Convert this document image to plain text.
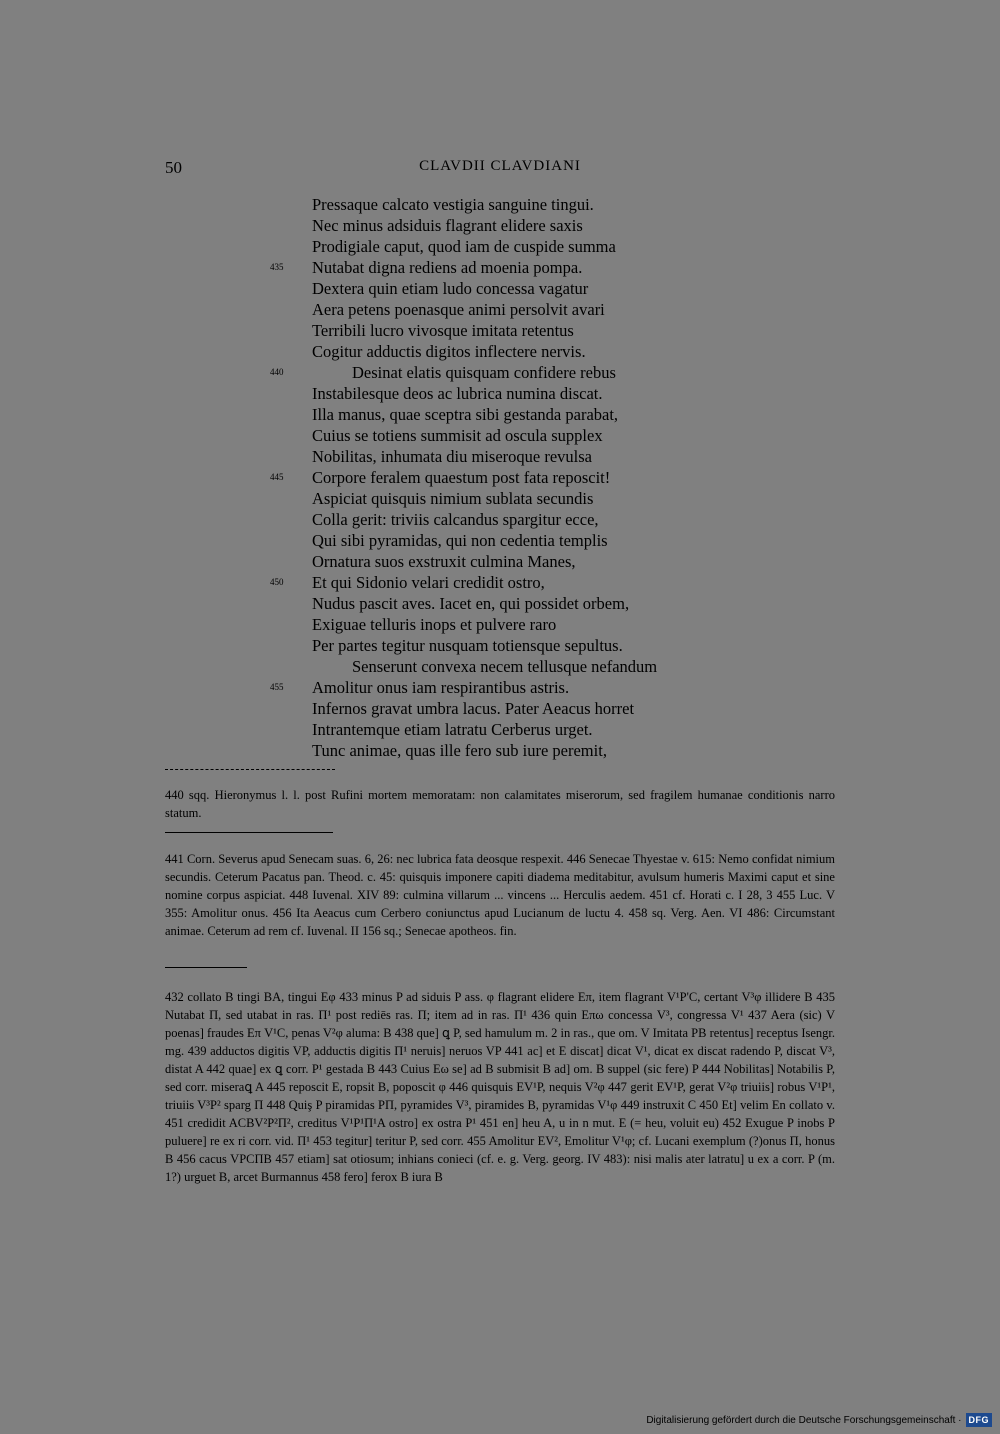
50	CLAVDII CLAVDIANI
Pressaque calcato vestigia sanguine tingui.
Nec minus adsiduis flagrant elidere saxis
Prodigiale caput, quod iam de cuspide summa
435	Nutabat digna rediens ad moenia pompa.
Dextera quin etiam ludo concessa vagatur
Aera petens poenasque animi persolvit avari
Terribili lucro vivosque imitata retentus
Cogitur adductis digitos inflectere nervis.
440	Desinat elatis quisquam confidere rebus
Instabilesque deos ac lubrica numina discat.
Illa manus, quae sceptra sibi gestanda parabat,
Cuius se totiens summisit ad oscula supplex
Nobilitas, inhumata diu miseroque revulsa
445	Corpore feralem quaestum post fata reposcit!
Aspiciat quisquis nimium sublata secundis
Colla gerit: triviis calcandus spargitur ecce,
Qui sibi pyramidas, qui non cedentia templis
Ornatura suos exstruxit culmina Manes,
450	Et qui Sidonio velari credidit ostro,
Nudus pascit aves. Iacet en, qui possidet orbem,
Exiguae telluris inops et pulvere raro
Per partes tegitur nusquam totiensque sepultus.
Senserunt convexa necem tellusque nefandum
455	Amolitur onus iam respirantibus astris.
Infernos gravat umbra lacus. Pater Aeacus horret
Intrantemque etiam latratu Cerberus urget.
Tunc animae, quas ille fero sub iure peremit,

440 sqq. Hieronymus l. l. post Rufini mortem memoratam: non calamitates miserorum, sed fragilem humanae conditionis narro statum.

441 Corn. Severus apud Senecam suas. 6, 26: nec lubrica fata deosque respexit. 446 Senecae Thyestae v. 615: Nemo confidat nimium secundis. Ceterum Pacatus pan. Theod. c. 45: quisquis imponere capiti diadema meditabitur, avulsum humeris Maximi caput et sine nomine corpus aspiciat. 448 Iuvenal. XIV 89: culmina villarum ... vincens ... Herculis aedem. 451 cf. Horati c. I 28, 3 455 Luc. V 355: Amolitur onus. 456 Ita Aeacus cum Cerbero coniunctus apud Lucianum de luctu 4. 458 sq. Verg. Aen. VI 486: Circumstant animae. Ceterum ad rem cf. Iuvenal. II 156 sq.; Senecae apotheos. fin.

432 collato B tingi BA, tingui Eφ 433 minus P ad siduis P ass. φ flagrant elidere Eπ, item flagrant V¹P'C, certant V³φ illidere B 435 Nutabat Π, sed utabat in ras. Π¹ post rediēs ras. Π; item ad in ras. Π¹ 436 quin Eπω concessa V³, congressa V¹ 437 Aera (sic) V poenas] fraudes Eπ V¹C, penas V²φ aluma: B 438 que] ꝗ P, sed hamulum m. 2 in ras., que om. V Imitata PB retentus] receptus Isengr. mg. 439 adductos digitis VP, adductis digitis Π¹ neruis] neruos VP 441 ac] et E discat] dicat V¹, dicat ex discat radendo P, discat V³, distat A 442 quae] ex ꝗ corr. P¹ gestada B 443 Cuius Eω se] ad B submisit B ad] om. B suppel (sic fere) P 444 Nobilitas] Notabilis P, sed corr. miseraꝗ A 445 reposcit E, ropsit B, poposcit φ 446 quisquis EV¹P, nequis V²φ 447 gerit EV¹P, gerat V²φ triuiis] robus V¹P¹, triuiis V³P² sparg Π 448 Quiş P piramidas PΠ, pyramides V³, piramides B, pyramidas V¹φ 449 instruxit C 450 Et] velim En collato v. 451 credidit ACBV²P²Π², creditus V¹P¹Π¹A ostro] ex ostra P¹ 451 en] heu A, u in n mut. E (= heu, voluit eu) 452 Exugue P inobs P puluere] re ex ri corr. vid. Π¹ 453 tegitur] teritur P, sed corr. 455 Amolitur EV², Emolitur V¹φ; cf. Lucani exemplum (?)onus Π, honus B 456 cacus VPCΠB 457 etiam] sat otiosum; inhians conieci (cf. e. g. Verg. georg. IV 483): nisi malis ater latratu] u ex a corr. P (m. 1?) urguet B, arcet Burmannus 458 fero] ferox B iura B

Digitalisierung gefördert durch die Deutsche Forschungsgemeinschaft · DFG
